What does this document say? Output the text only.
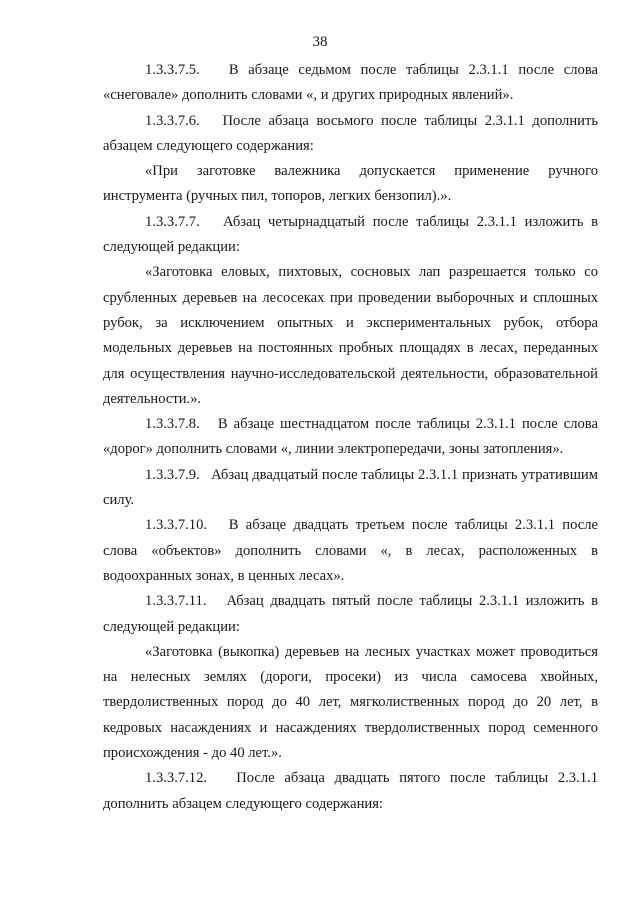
38

1.3.3.7.5. В абзаце седьмом после таблицы 2.3.1.1 после слова «снеговале» дополнить словами «, и других природных явлений».

1.3.3.7.6. После абзаца восьмого после таблицы 2.3.1.1 дополнить абзацем следующего содержания:

«При заготовке валежника допускается применение ручного инструмента (ручных пил, топоров, легких бензопил).».

1.3.3.7.7. Абзац четырнадцатый после таблицы 2.3.1.1 изложить в следующей редакции:

«Заготовка еловых, пихтовых, сосновых лап разрешается только со срубленных деревьев на лесосеках при проведении выборочных и сплошных рубок, за исключением опытных и экспериментальных рубок, отбора модельных деревьев на постоянных пробных площадях в лесах, переданных для осуществления научно-исследовательской деятельности, образовательной деятельности.».

1.3.3.7.8. В абзаце шестнадцатом после таблицы 2.3.1.1 после слова «дорог» дополнить словами «, линии электропередачи, зоны затопления».

1.3.3.7.9. Абзац двадцатый после таблицы 2.3.1.1 признать утратившим силу.

1.3.3.7.10. В абзаце двадцать третьем после таблицы 2.3.1.1 после слова «объектов» дополнить словами «, в лесах, расположенных в водоохранных зонах, в ценных лесах».

1.3.3.7.11. Абзац двадцать пятый после таблицы 2.3.1.1 изложить в следующей редакции:

«Заготовка (выкопка) деревьев на лесных участках может проводиться на нелесных землях (дороги, просеки) из числа самосева хвойных, твердолиственных пород до 40 лет, мягколиственных пород до 20 лет, в кедровых насаждениях и насаждениях твердолиственных пород семенного происхождения - до 40 лет.».

1.3.3.7.12. После абзаца двадцать пятого после таблицы 2.3.1.1 дополнить абзацем следующего содержания:
